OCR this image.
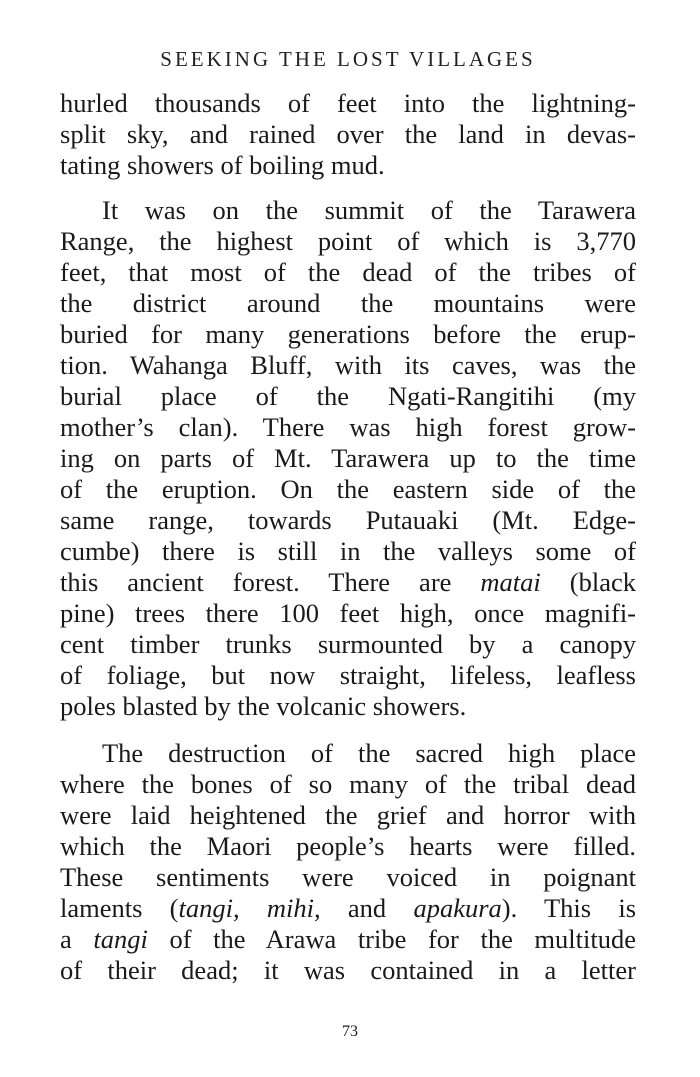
SEEKING THE LOST VILLAGES

hurled thousands of feet into the lightning-
split sky, and rained over the land in devas-
tating showers of boiling mud.

It was on the summit of the Tarawera
Range, the highest point of which is 3,770
feet, that most of the dead of the tribes of
the district around the mountains were
buried for many generations before the erup-
tion. Wahanga Bluff, with its caves, was the
burial place of the Ngati-Rangitihi (my
mother’s clan). There was high forest grow-
ing on parts of Mt. Tarawera up to the time
of the eruption. On the eastern side of the
same range, towards Putauaki (Mt. Edge-
cumbe) there is still in the valleys some of
this ancient forest. There are matai (black
pine) trees there 100 feet high, once magnifi-
cent timber trunks surmounted by a canopy
of foliage, but now straight, lifeless, leafless
poles blasted by the volcanic showers.

The destruction of the sacred high place
where the bones of so many of the tribal dead
were laid heightened the grief and horror with
which the Maori people’s hearts were filled.
These sentiments were voiced in poignant
laments (tangi, mihi, and apakura). This is
a tangi of the Arawa tribe for the multitude
of their dead; it was contained in a letter

73
